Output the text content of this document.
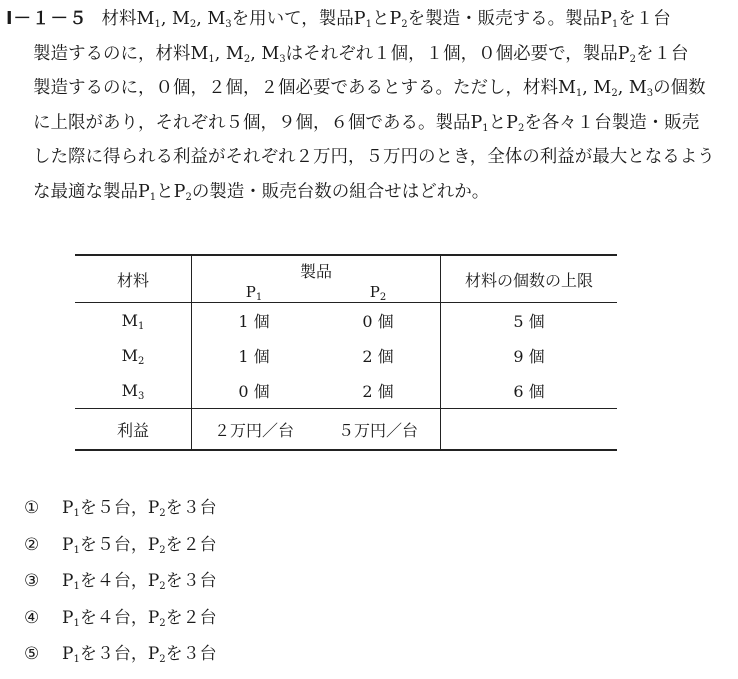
Ⅰ－１－５ 材料$M_1$, $M_2$, $M_3$を用いて，製品$P_1$と$P_2$を製造・販売する。製品$P_1$を１台
製造するのに，材料$M_1$, $M_2$, $M_3$はそれぞれ１個，１個，０個必要で，製品$P_2$を１台
製造するのに，０個，２個，２個必要であるとする。ただし，材料$M_1$, $M_2$, $M_3$の個数
に上限があり，それぞれ５個，９個，６個である。製品$P_1$と$P_2$を各々１台製造・販売
した際に得られる利益がそれぞれ２万円，５万円のとき，全体の利益が最大となるよう
な最適な製品$P_1$と$P_2$の製造・販売台数の組合せはどれか。
材料	製品		材料の個数の上限
	$P_1$	$P_2$
$M_1$	1 個	0 個	5 個
$M_2$	1 個	2 個	9 個
$M_3$	0 個	2 個	6 個
利益	２万円／台	５万円／台	
① $P_1$を５台，$P_2$を３台
② $P_1$を５台，$P_2$を２台
③ $P_1$を４台，$P_2$を３台
④ $P_1$を４台，$P_2$を２台
⑤ $P_1$を３台，$P_2$を３台
